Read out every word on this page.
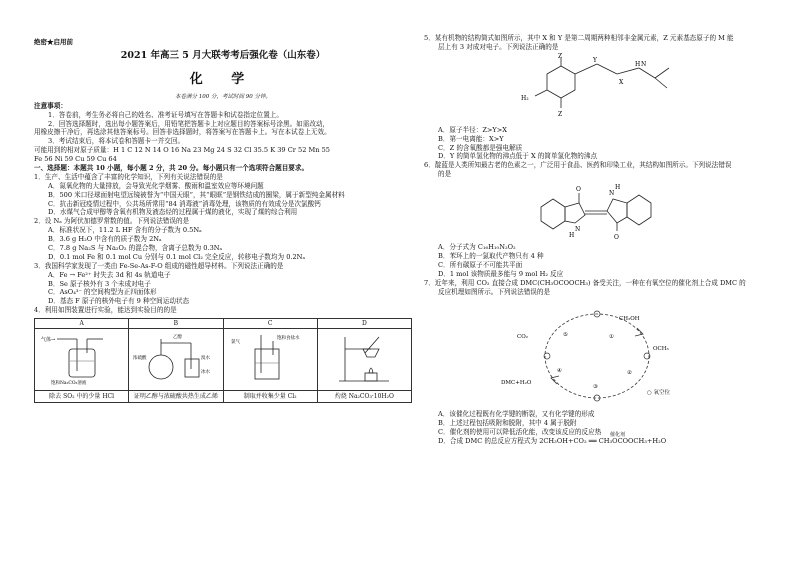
绝密★启用前
2021 年高三 5 月大联考考后强化卷（山东卷）
化 学
本卷满分 100 分，考试时间 90 分钟。

注意事项：

1．答卷前，考生务必将自己的姓名、准考证号填写在答题卡和试卷指定位置上。

2．回答选择题时，选出每小题答案后，用铅笔把答题卡上对应题目的答案标号涂黑。如需改动，

用橡皮擦干净后，再选涂其他答案标号。回答非选择题时，将答案写在答题卡上。写在本试卷上无效。

3．考试结束后，将本试卷和答题卡一并交回。

可能用到的相对原子质量：H 1 C 12 N 14 O 16 Na 23 Mg 24 S 32 Cl 35.5 K 39 Cr 52 Mn 55

Fe 56 Ni 59 Cu 59 Cu 64

一、选择题：本题共 10 小题，每小题 2 分，共 20 分。每小题只有一个选项符合题目要求。

1．生产、生活中蕴含了丰富的化学知识，下列有关说法错误的是

A．氮氧化物的大量排放，会导致光化学烟雾、酸雨和温室效应等环境问题

B．500 米口径球面射电望远镜被誉为“中国天眼”，其“眼眶”是钢铁结成的圈梁，属于新型纯金属材料

C．抗击新冠疫情过程中，公共场所常用“84 消毒液”消毒处理，该物质的有效成分是次氯酸钙

D．水煤气合成甲醇等含氧有机物及液态烃的过程属于煤的液化，实现了煤的综合利用

2．设 Nₐ 为阿伏加德罗常数的值。下列说法错误的是

A．标准状况下，11.2 L HF 含有的分子数为 0.5Nₐ

B．3.6 g H₂O 中含有的质子数为 2Nₐ

C．7.8 g Na₂S 与 Na₂O₂ 的混合物，含离子总数为 0.3Nₐ

D．0.1 mol Fe 和 0.1 mol Cu 分别与 0.1 mol Cl₂ 完全反应，转移电子数均为 0.2Nₐ

3．我国科学家发现了一类由 Fe-Se-As-F-O 组成的磁性超导材料。下列说法正确的是

A．Fe → Fe²⁺ 时失去 3d 和 4s 轨道电子

B．Se 原子核外有 3 个未成对电子

C．AsO₄³⁻ 的空间构型为正四面体形

D．基态 F 原子的核外电子有 9 种空间运动状态

4．利用如图装置进行实验，能达到实验目的的是

A	B	C	D

气体→
饱和Na₂CO₃溶液	乙醇
浓硫酸
冰水
溴水	饱和食盐水
氯气

除去 SO₂ 中的少量 HCl	证明乙醇与浓硫酸共热生成乙烯	制取并收集少量 Cl₂	灼烧 Na₂CO₃·10H₂O

5．某有机物的结构简式如图所示，其中 X 和 Y 是第二周期两种相邻非金属元素，Z 元素基态原子的 M 能

层上有 3 对成对电子。下列说法正确的是

Z
Y
X
H N
H₂
Z

A．原子半径：Z>Y>X

B．第一电离能：X>Y

C．Z 的含氧酸都是强电解质

D．Y 的简单氢化物的沸点低于 X 的简单氢化物的沸点

6．靛蓝是人类所知最古老的色素之一，广泛用于食品、医药和印染工业，其结构如图所示。下列说法错误

的是

O
O
H
N
N
H

A．分子式为 C₁₆H₁₀N₂O₂

B．苯环上的一氯取代产物只有 4 种

C．所有碳原子不可能共平面

D．1 mol 该物质最多能与 9 mol H₂ 反应

7．近年来，利用 CO₂ 直接合成 DMC(CH₃OCOOCH₃) 备受关注，一种在有氧空位的催化剂上合成 DMC 的

反应机理如图所示。下列说法错误的是

CH₃OH
DMC+H₂O
①
②
③
④
⑤
○ 氧空位
CO₂
OCH₃

A．该催化过程既有化学键的断裂，又有化学键的形成

B．上述过程包括吸附和脱附，其中 4 属于脱附

C．催化剂的使用可以降低活化能，改变该反应的反应热

D．合成 DMC 的总反应方程式为 2CH₃OH+CO₂ ══ CH₃OCOOCH₃+H₂O
催化剂
